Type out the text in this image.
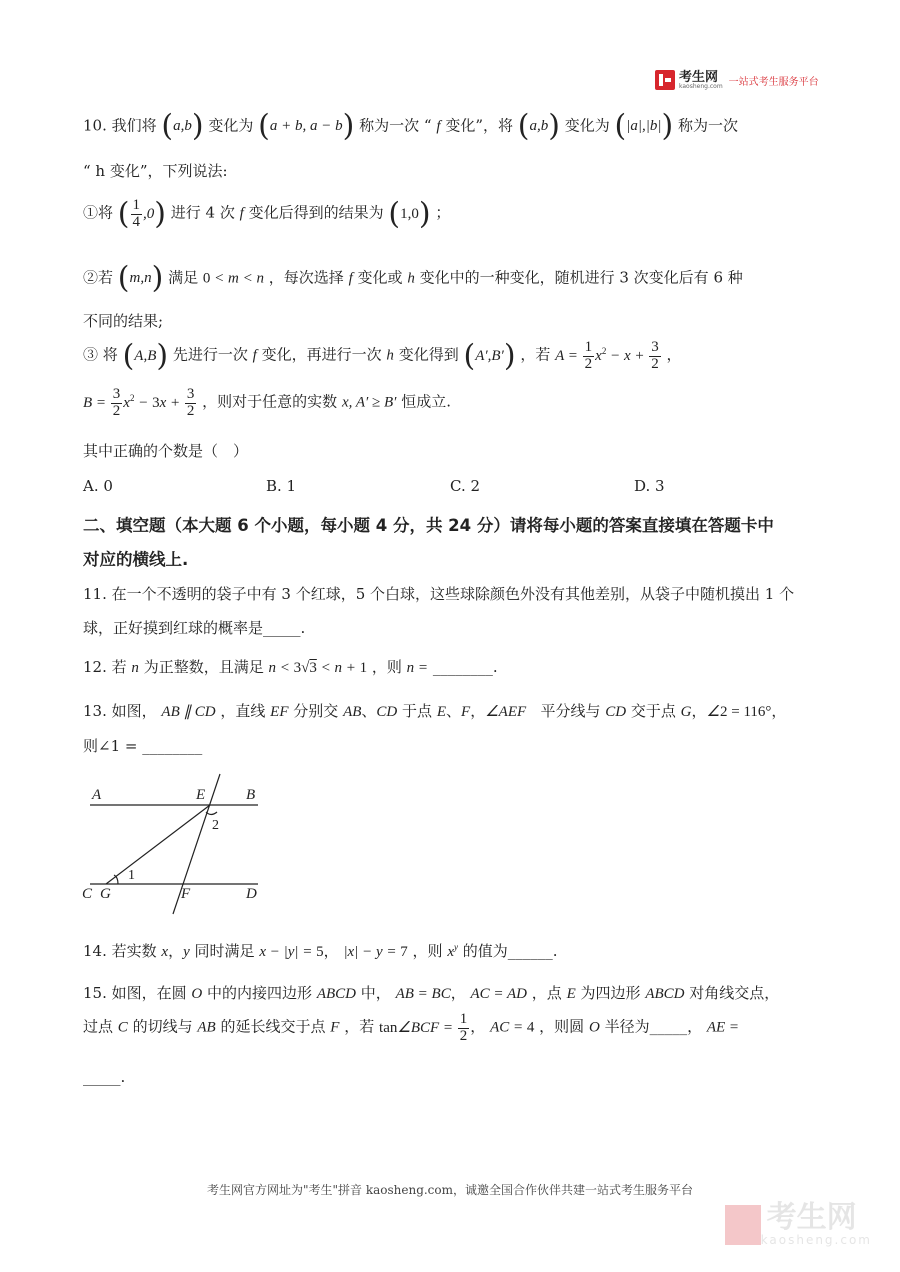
考生网
kaosheng.com 一站式考生服务平台
10. 我们将 (a,b) 变化为 (a + b, a − b) 称为一次 “ f 变化”，将 (a,b) 变化为 (|a|,|b|) 称为一次
“ h 变化”，下列说法:
①将 ( $\frac{1}{4} ,0$) 进行 4 次 f 变化后得到的结果为 (1,0) ；
②若 (m,n) 满足 0 < m < n ，每次选择 f 变化或 h 变化中的一种变化，随机进行 3 次变化后有 6 种
不同的结果;
③ 将 (A,B) 先进行一次 f 变化，再进行一次 h 变化得到 (A′,B′) ，若 $A = \frac{1}{2} x^2 - x + \frac{3}{2}$ ，
$B = \frac{3}{2} x^2 - 3x + \frac{3}{2}$ ，则对于任意的实数 x, A′ ≥ B′ 恒成立.
其中正确的个数是（　）
A. 0	B. 1	C. 2	D. 3
二、填空题（本大题 6 个小题，每小题 4 分，共 24 分）请将每小题的答案直接填在答题卡中
对应的横线上.
11. 在一个不透明的袋子中有 3 个红球，5 个白球，这些球除颜色外没有其他差别，从袋子中随机摸出 1 个
球，正好摸到红球的概率是_____.
12. 若 n 为正整数，且满足 n < 3√3 < n + 1 ，则 n = ________.
13. 如图， AB ∥ CD ，直线 EF 分别交 AB、CD 于点 E、F，∠AEF 平分线与 CD 交于点 G，∠2 = 116°，
则∠1 = ________
A	E	B
C G	F	D
2
1
14. 若实数 x，y 同时满足 x − |y| = 5， |x| − y = 7 ，则 $x^y$ 的值为______.
15. 如图，在圆 O 中的内接四边形 ABCD 中， AB = BC， AC = AD ，点 E 为四边形 ABCD 对角线交点，
过点 C 的切线与 AB 的延长线交于点 F ，若 tan∠BCF = $\frac{1}{2}$ ， AC = 4 ，则圆 O 半径为_____， AE =
_____.
考生网官方网址为"考生"拼音 kaosheng.com，诚邀全国合作伙伴共建一站式考生服务平台
考生网
kaosheng.com
